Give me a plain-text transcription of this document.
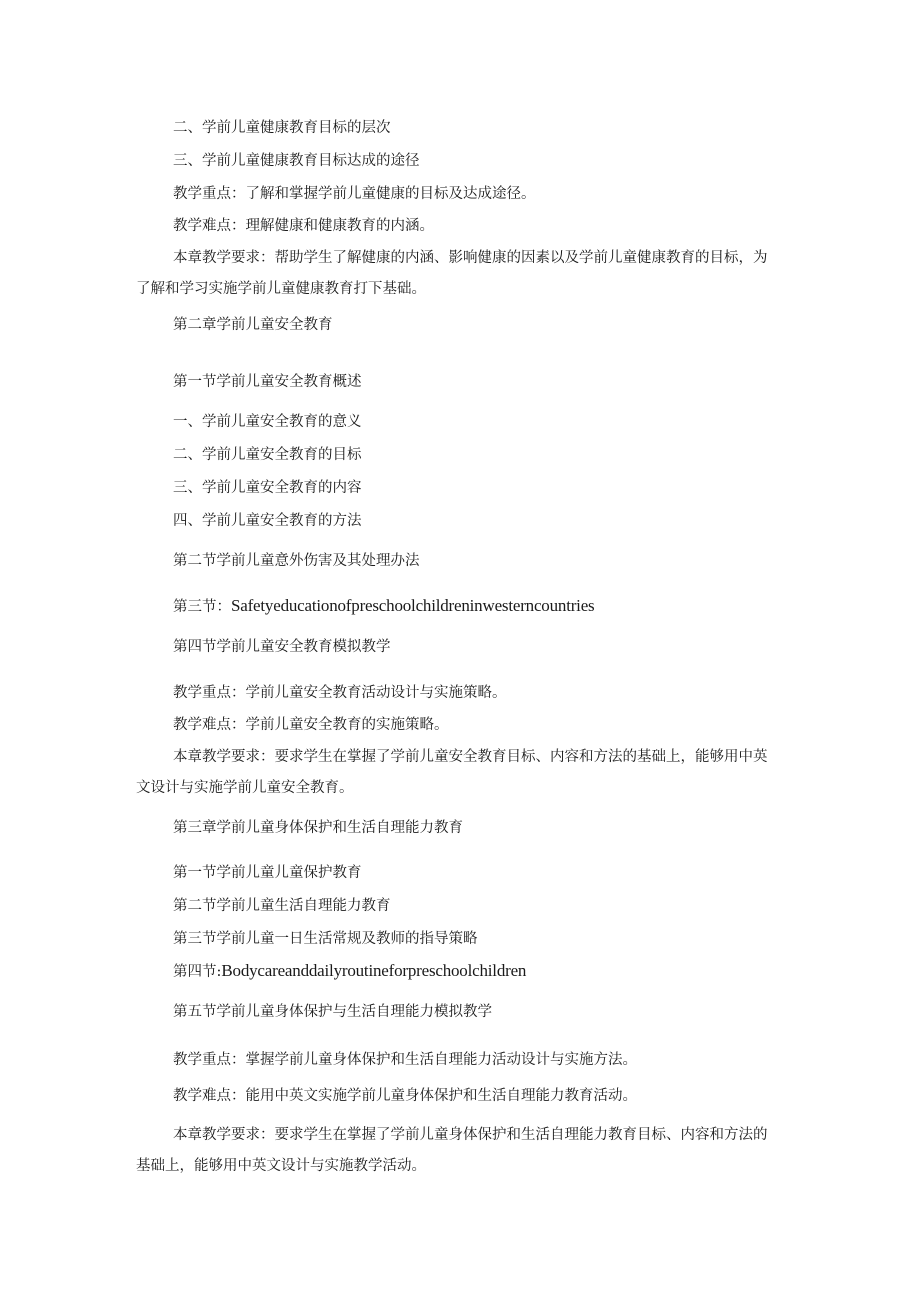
二、学前儿童健康教育目标的层次

三、学前儿童健康教育目标达成的途径

教学重点：了解和掌握学前儿童健康的目标及达成途径。

教学难点：理解健康和健康教育的内涵。

本章教学要求：帮助学生了解健康的内涵、影响健康的因素以及学前儿童健康教育的目标，为了解和学习实施学前儿童健康教育打下基础。

第二章学前儿童安全教育

第一节学前儿童安全教育概述

一、学前儿童安全教育的意义

二、学前儿童安全教育的目标

三、学前儿童安全教育的内容

四、学前儿童安全教育的方法

第二节学前儿童意外伤害及其处理办法

第三节：Safetyeducationofpreschoolchildreninwesterncountries

第四节学前儿童安全教育模拟教学

教学重点：学前儿童安全教育活动设计与实施策略。

教学难点：学前儿童安全教育的实施策略。

本章教学要求：要求学生在掌握了学前儿童安全教育目标、内容和方法的基础上，能够用中英文设计与实施学前儿童安全教育。

第三章学前儿童身体保护和生活自理能力教育

第一节学前儿童儿童保护教育

第二节学前儿童生活自理能力教育

第三节学前儿童一日生活常规及教师的指导策略

第四节:Bodycareanddailyroutineforpreschoolchildren

第五节学前儿童身体保护与生活自理能力模拟教学

教学重点：掌握学前儿童身体保护和生活自理能力活动设计与实施方法。

教学难点：能用中英文实施学前儿童身体保护和生活自理能力教育活动。

本章教学要求：要求学生在掌握了学前儿童身体保护和生活自理能力教育目标、内容和方法的基础上，能够用中英文设计与实施教学活动。
